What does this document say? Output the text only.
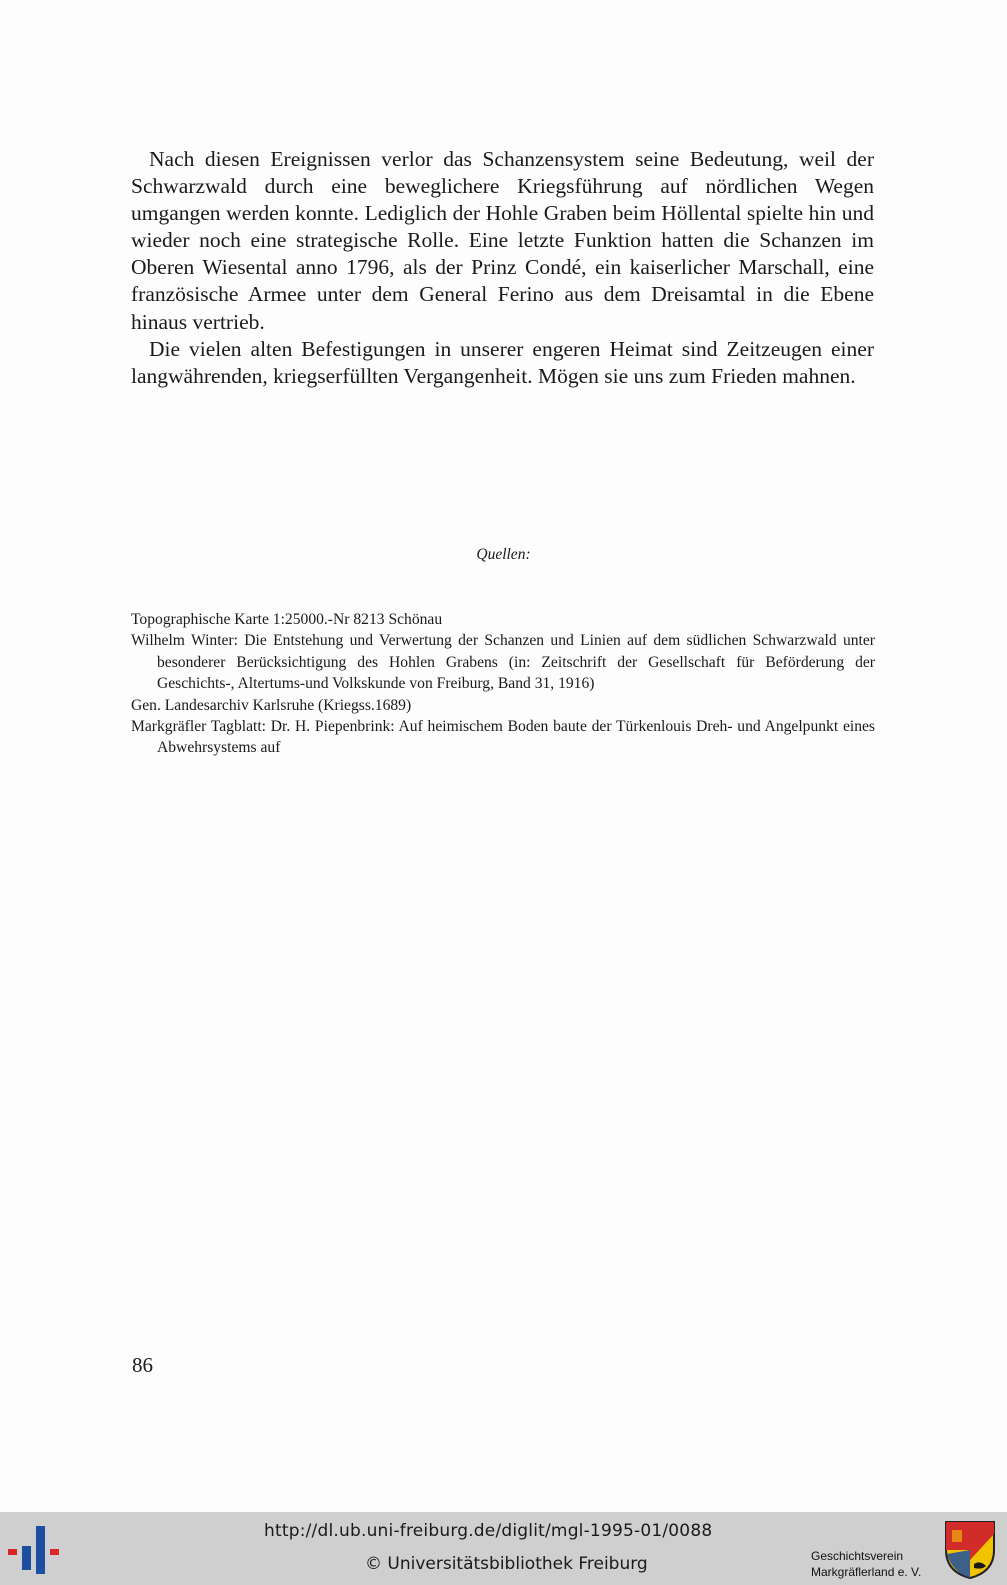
Nach diesen Ereignissen verlor das Schanzensystem seine Bedeutung, weil der Schwarzwald durch eine beweglichere Kriegsführung auf nördlichen Wegen umgangen werden konnte. Lediglich der Hohle Graben beim Höllental spielte hin und wieder noch eine strategische Rolle. Eine letzte Funktion hatten die Schanzen im Oberen Wiesental anno 1796, als der Prinz Condé, ein kaiserlicher Marschall, eine französische Armee unter dem General Ferino aus dem Dreisamtal in die Ebene hinaus vertrieb.

Die vielen alten Befestigungen in unserer engeren Heimat sind Zeitzeugen einer langwährenden, kriegserfüllten Vergangenheit. Mögen sie uns zum Frieden mahnen.

Quellen:
Topographische Karte 1:25000.-Nr 8213 Schönau
Wilhelm Winter: Die Entstehung und Verwertung der Schanzen und Linien auf dem südlichen Schwarzwald unter besonderer Berücksichtigung des Hohlen Grabens (in: Zeitschrift der Gesellschaft für Beförderung der Geschichts-, Altertums-und Volkskunde von Freiburg, Band 31, 1916)
Gen. Landesarchiv Karlsruhe (Kriegss.1689)
Markgräfler Tagblatt: Dr. H. Piepenbrink: Auf heimischem Boden baute der Türkenlouis Dreh- und Angelpunkt eines Abwehrsystems auf
86
http://dl.ub.uni-freiburg.de/diglit/mgl-1995-01/0088
© Universitätsbibliothek Freiburg	Geschichtsverein
Markgräflerland e. V.
